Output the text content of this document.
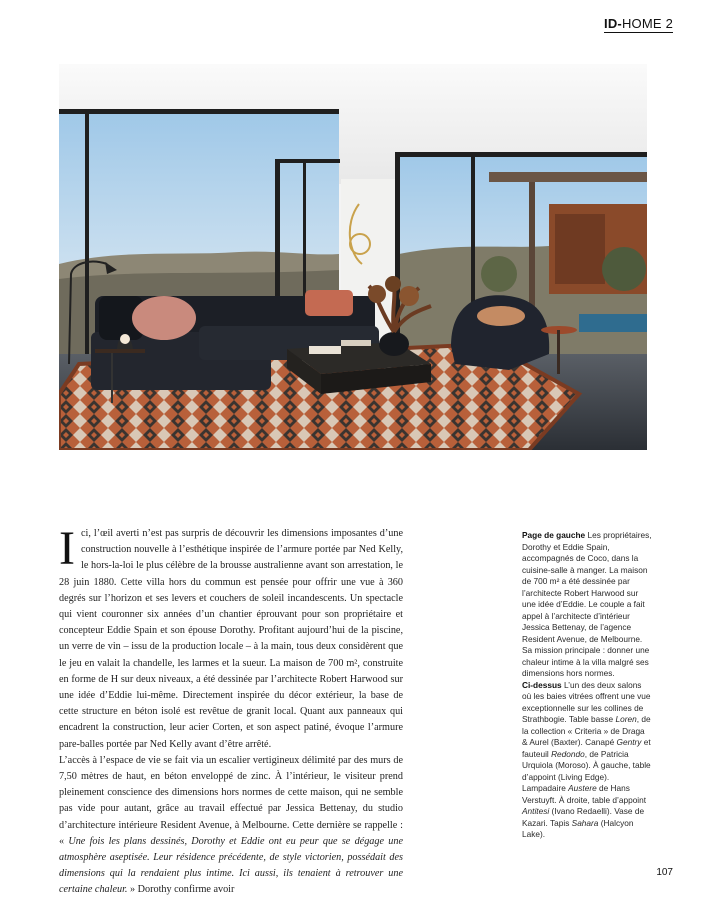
ID-HOME 2

Ici, l’œil averti n’est pas surpris de découvrir les dimensions imposantes d’une construction nouvelle à l’esthétique inspirée de l’armure portée par Ned Kelly, le hors-la-loi le plus célèbre de la brousse australienne avant son arrestation, le 28 juin 1880. Cette villa hors du commun est pensée pour offrir une vue à 360 degrés sur l’horizon et ses levers et couchers de soleil incandescents. Un spectacle qui vient couronner six années d’un chantier éprouvant pour son propriétaire et concepteur Eddie Spain et son épouse Dorothy. Profitant aujourd’hui de la piscine, un verre de vin – issu de la production locale – à la main, tous deux considèrent que le jeu en valait la chandelle, les larmes et la sueur. La maison de 700 m², construite en forme de H sur deux niveaux, a été dessinée par l’architecte Robert Harwood sur une idée d’Eddie lui-même. Directement inspirée du décor extérieur, la base de cette structure en béton isolé est revêtue de granit local. Quant aux panneaux qui encadrent la construction, leur acier Corten, et son aspect patiné, évoque l’armure pare-balles portée par Ned Kelly avant d’être arrêté.

L’accès à l’espace de vie se fait via un escalier vertigineux délimité par des murs de 7,50 mètres de haut, en béton enveloppé de zinc. À l’intérieur, le visiteur prend pleinement conscience des dimensions hors normes de cette maison, qui ne semble pas vide pour autant, grâce au travail effectué par Jessica Bettenay, du studio d’architecture intérieure Resident Avenue, à Melbourne. Cette dernière se rappelle : « Une fois les plans dessinés, Dorothy et Eddie ont eu peur que se dégage une atmosphère aseptisée. Leur résidence précédente, de style victorien, possédait des dimensions qui la rendaient plus intime. Ici aussi, ils tenaient à retrouver une certaine chaleur. » Dorothy confirme avoir

Page de gauche Les propriétaires, Dorothy et Eddie Spain, accompagnés de Coco, dans la cuisine-salle à manger. La maison de 700 m² a été dessinée par l’architecte Robert Harwood sur une idée d’Eddie. Le couple a fait appel à l’architecte d’intérieur Jessica Bettenay, de l’agence Resident Avenue, de Melbourne. Sa mission principale : donner une chaleur intime à la villa malgré ses dimensions hors normes.

Ci-dessus L’un des deux salons où les baies vitrées offrent une vue exceptionnelle sur les collines de Strathbogie. Table basse Loren, de la collection « Criteria » de Draga & Aurel (Baxter). Canapé Gentry et fauteuil Redondo, de Patricia Urquiola (Moroso). À gauche, table d’appoint (Living Edge). Lampadaire Austere de Hans Verstuyft. À droite, table d’appoint Antitesi (Ivano Redaelli). Vase de Kazari. Tapis Sahara (Halcyon Lake).

107
